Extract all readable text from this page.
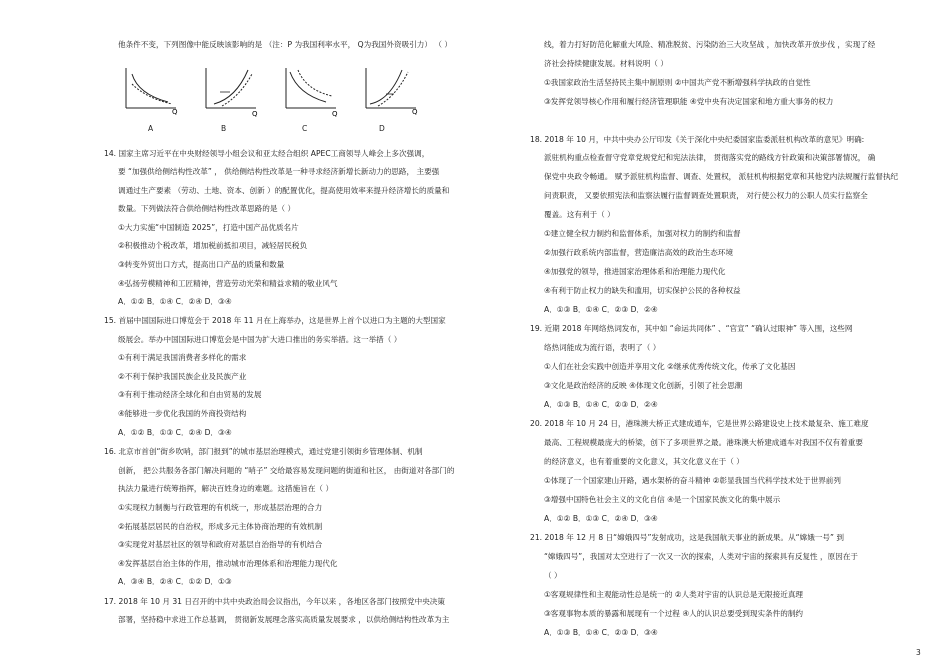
他条件不变，下列图像中能反映该影响的是 （注：P 为我国利率水平， Q为我国外资吸引力） （ ）
Q	Q	Q	Q
A	B	C	D
14. 国家主席习近平在中央财经领导小组会议和亚太经合组织 APEC工商领导人峰会上多次强调，
要 “加强供给侧结构性改革” ， 供给侧结构性改革是一种寻求经济新增长新动力的思路， 主要强
调通过生产要素 （劳动、土地、资本、创新 ）的配置优化，提高使用效率来提升经济增长的质量和
数量。下列做法符合供给侧结构性改革思路的是（ ）
①大力实施“中国制造 2025”，打造中国产品优质名片
②积极推动个税改革，增加税前抵扣项目，减轻居民税负
③转变外贸出口方式，提高出口产品的质量和数量
④弘扬劳模精神和工匠精神，营造劳动光荣和精益求精的敬业风气
A．①② B．①④ C．②④ D．③④
15. 首届中国国际进口博览会于 2018 年 11 月在上海举办，这是世界上首个以进口为主题的大型国家
级展会。举办中国国际进口博览会是中国为扩大进口推出的务实举措。这一举措（ ）
①有利于满足我国消费者多样化的需求
②不利于保护我国民族企业及民族产业
③有利于推动经济全球化和自由贸易的发展
④能够进一步优化我国的外商投资结构
A．①② B．①③ C．②④ D．③④
16. 北京市首创“街乡吹哨，部门报到”的城市基层治理模式，通过党建引领街乡管理体制、机制
创新， 把公共服务各部门解决问题的 “哨子” 交给最容易发现问题的街道和社区， 由街道对各部门的
执法力量进行统筹指挥，解决百姓身边的难题。这措施旨在（ ）
①实现权力制衡与行政管理的有机统一，形成基层治理的合力
②拓展基层居民的自治权，形成多元主体协商治理的有效机制
③实现党对基层社区的领导和政府对基层自治指导的有机结合
④发挥基层自治主体的作用，推动城市治理体系和治理能力现代化
A．③④ B．②④ C．①② D．①③
17. 2018 年 10 月 31 日召开的中共中央政治局会议指出，今年以来 ，各地区各部门按照党中央决策
部署，坚持稳中求进工作总基调， 贯彻新发展理念落实高质量发展要求 ，以供给侧结构性改革为主
线，着力打好防范化解重大风险、精准脱贫、污染防治三大攻坚战 ，加快改革开放步伐 ，实现了经
济社会持续健康发展。材料说明（ ）
①我国家政治生活坚持民主集中制原则 ②中国共产党不断增强科学执政的自觉性
③发挥党领导核心作用和履行经济管理职能 ④党中央有决定国家和地方重大事务的权力
18. 2018 年 10 月，中共中央办公厅印发《关于深化中央纪委国家监委派驻机构改革的意见》明确:
派驻机构重点检查督守党章党规党纪和宪法法律， 贯彻落实党的路线方针政策和决策部署情况， 确
保党中央政令畅通。 赋予派驻机构监督、调查、处置权， 派驻机构根据党章和其他党内法规履行监督执纪
问责职责， 又要依照宪法和监察法履行监督调查处置职责， 对行使公权力的公职人员实行监察全
覆盖。这有利于（ ）
①建立健全权力制约和监督体系，加强对权力的制约和监督
②加强行政系统内部监督，营造廉洁高效的政治生态环境
④加强党的领导，推进国家治理体系和治理能力现代化
④有利于防止权力的缺失和滥用，切实保护公民的各种权益
A．①③ B．①④ C．②③ D．②④
19. 近期 2018 年网络热词发布，其中如 “命运共同体” 、“官宣” “确认过眼神” 等入围，这些网
络热词能成为流行语，表明了（ ）
①人们在社会实践中创造并享用文化 ②继承优秀传统文化，传承了文化基因
③文化是政治经济的反映 ④体现文化创新，引领了社会思潮
A．①③ B．①④ C．②③ D．②④
20. 2018 年 10 月 24 日，港珠澳大桥正式建成通车，它是世界公路建设史上技术最复杂、施工难度
最高、工程规模最庞大的桥梁，创下了多项世界之最。港珠澳大桥建成通车对我国不仅有着重要
的经济意义，也有着重要的文化意义，其文化意义在于（ ）
①体现了一个国家建山开路，遇水架桥的奋斗精神 ②彰显我国当代科学技术处于世界前列
③增强中国特色社会主义的文化自信 ④是一个国家民族文化的集中展示
A．①② B．①③ C．②④ D．③④
21. 2018 年 12 月 8 日“嫦娥四号”发射成功，这是我国航天事业的新成果。从“嫦娥一号” 到
“嫦娥四号”，我国对太空进行了一次又一次的探索，人类对宇宙的探索具有反复性 ，原因在于
（ ）
①客观规律性和主观能动性总是统一的 ②人类对宇宙的认识总是无限接近真理
③客观事物本质的暴露和展现有一个过程 ④人的认识总要受到现实条件的制约
A．①③ B．①④ C．②③ D．③④
3
